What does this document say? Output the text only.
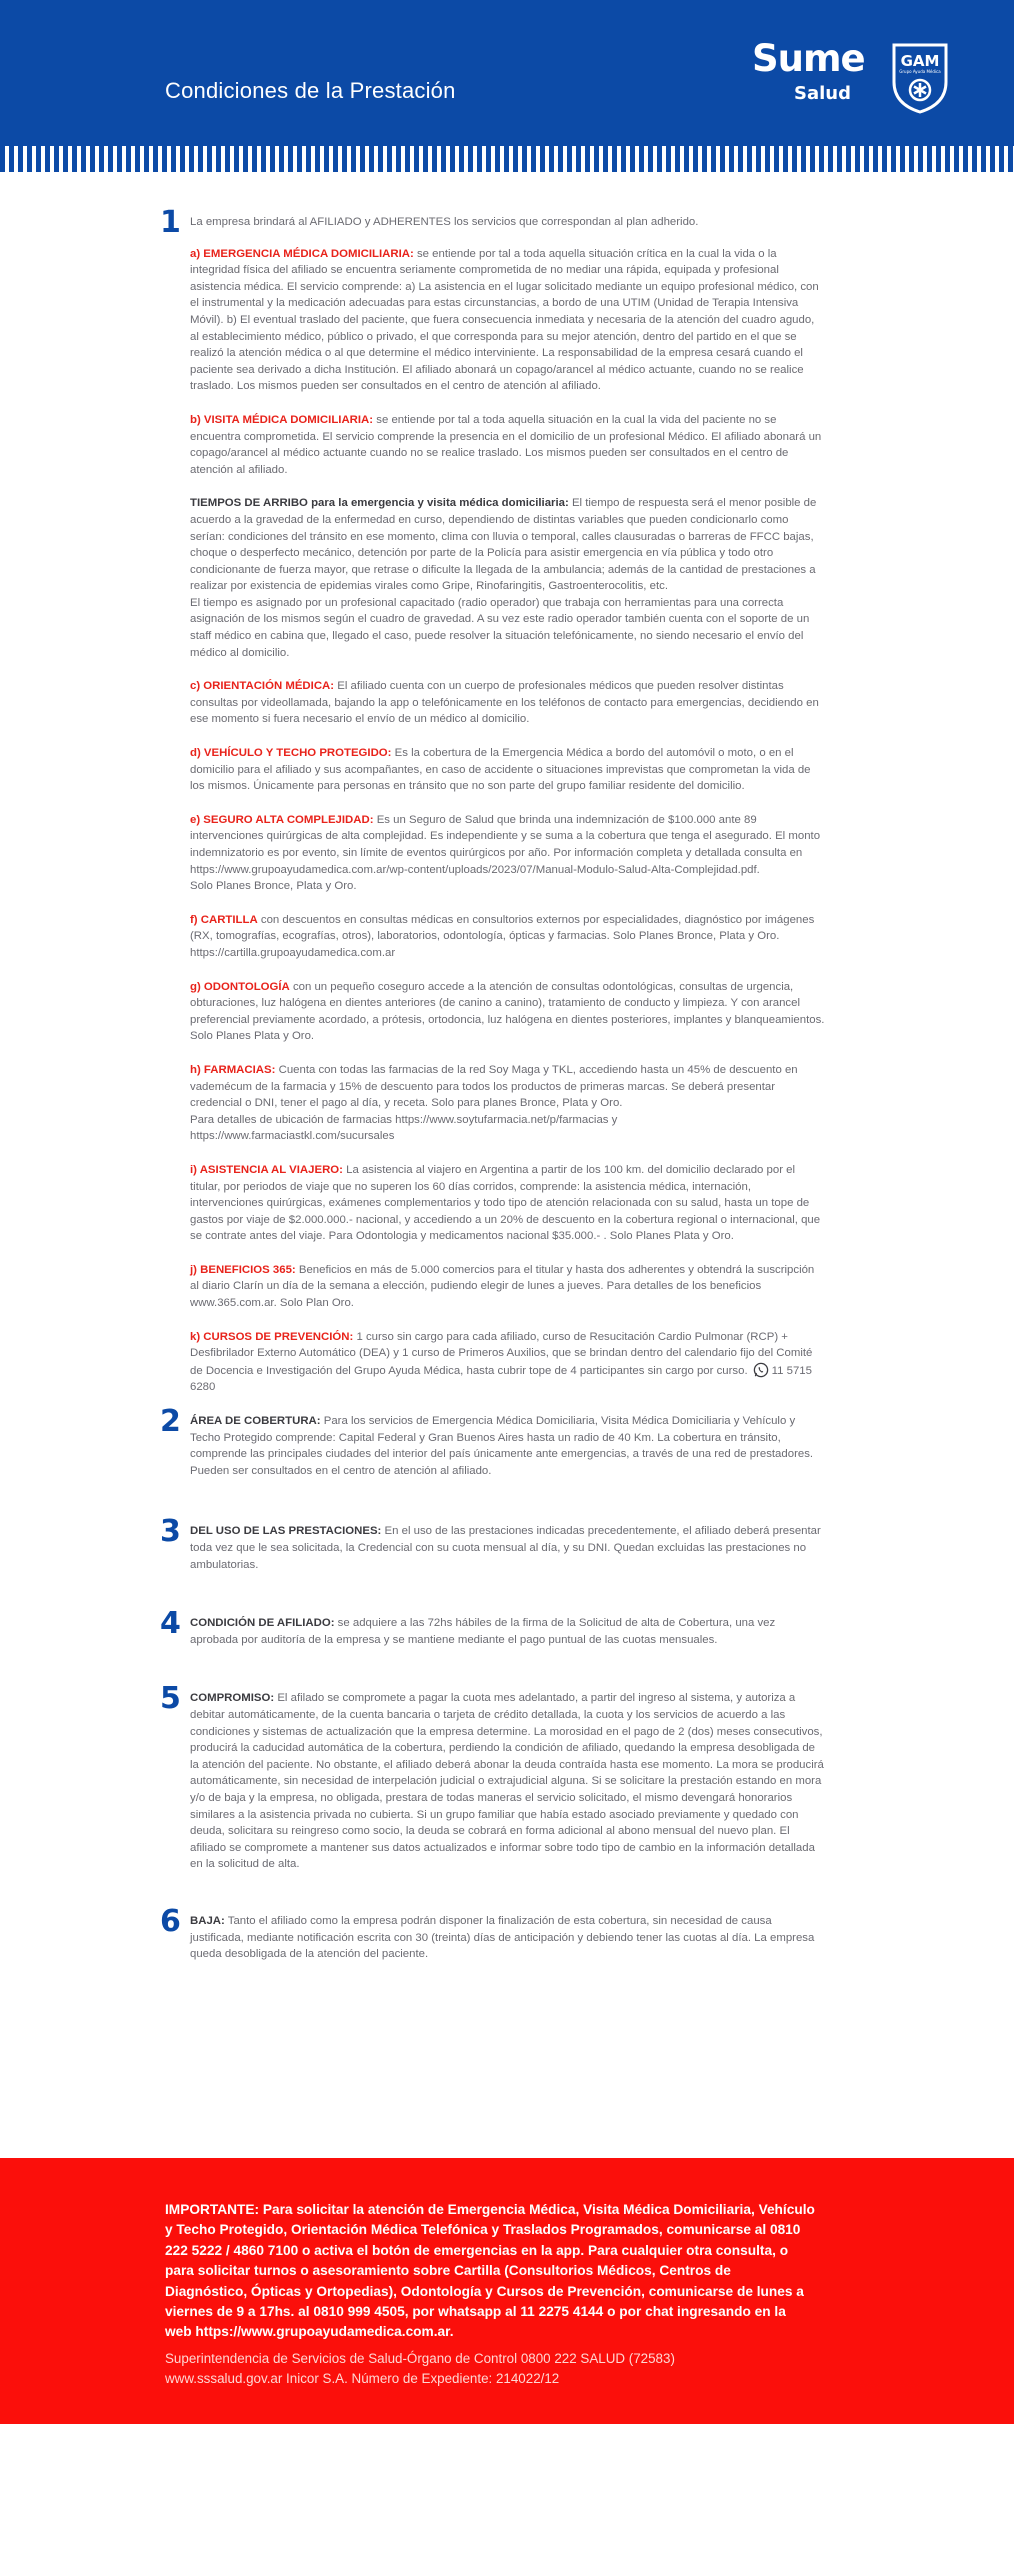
Condiciones de la Prestación
Sume
Salud
GAM
Grupo Ayuda Médica
1 La empresa brindará al AFILIADO y ADHERENTES los servicios que correspondan al plan adherido.

a) EMERGENCIA MÉDICA DOMICILIARIA: se entiende por tal a toda aquella situación crítica en la cual la vida o la integridad física del afiliado se encuentra seriamente comprometida de no mediar una rápida, equipada y profesional asistencia médica. El servicio comprende: a) La asistencia en el lugar solicitado mediante un equipo profesional médico, con el instrumental y la medicación adecuadas para estas circunstancias, a bordo de una UTIM (Unidad de Terapia Intensiva Móvil). b) El eventual traslado del paciente, que fuera consecuencia inmediata y necesaria de la atención del cuadro agudo, al establecimiento médico, público o privado, el que corresponda para su mejor atención, dentro del partido en el que se realizó la atención médica o al que determine el médico interviniente. La responsabilidad de la empresa cesará cuando el paciente sea derivado a dicha Institución. El afiliado abonará un copago/arancel al médico actuante, cuando no se realice traslado. Los mismos pueden ser consultados en el centro de atención al afiliado.

b) VISITA MÉDICA DOMICILIARIA: se entiende por tal a toda aquella situación en la cual la vida del paciente no se encuentra comprometida. El servicio comprende la presencia en el domicilio de un profesional Médico. El afiliado abonará un copago/arancel al médico actuante cuando no se realice traslado. Los mismos pueden ser consultados en el centro de atención al afiliado.

TIEMPOS DE ARRIBO para la emergencia y visita médica domiciliaria: El tiempo de respuesta será el menor posible de acuerdo a la gravedad de la enfermedad en curso, dependiendo de distintas variables que pueden condicionarlo como serían: condiciones del tránsito en ese momento, clima con lluvia o temporal, calles clausuradas o barreras de FFCC bajas, choque o desperfecto mecánico, detención por parte de la Policía para asistir emergencia en vía pública y todo otro condicionante de fuerza mayor, que retrase o dificulte la llegada de la ambulancia; además de la cantidad de prestaciones a realizar por existencia de epidemias virales como Gripe, Rinofaringitis, Gastroenterocolitis, etc.
El tiempo es asignado por un profesional capacitado (radio operador) que trabaja con herramientas para una correcta asignación de los mismos según el cuadro de gravedad. A su vez este radio operador también cuenta con el soporte de un staff médico en cabina que, llegado el caso, puede resolver la situación telefónicamente, no siendo necesario el envío del médico al domicilio.

c) ORIENTACIÓN MÉDICA: El afiliado cuenta con un cuerpo de profesionales médicos que pueden resolver distintas consultas por videollamada, bajando la app o telefónicamente en los teléfonos de contacto para emergencias, decidiendo en ese momento si fuera necesario el envío de un médico al domicilio.

d) VEHÍCULO Y TECHO PROTEGIDO: Es la cobertura de la Emergencia Médica a bordo del automóvil o moto, o en el domicilio para el afiliado y sus acompañantes, en caso de accidente o situaciones imprevistas que comprometan la vida de los mismos. Únicamente para personas en tránsito que no son parte del grupo familiar residente del domicilio.

e) SEGURO ALTA COMPLEJIDAD: Es un Seguro de Salud que brinda una indemnización de $100.000 ante 89 intervenciones quirúrgicas de alta complejidad. Es independiente y se suma a la cobertura que tenga el asegurado. El monto indemnizatorio es por evento, sin límite de eventos quirúrgicos por año. Por información completa y detallada consulta en
https://www.grupoayudamedica.com.ar/wp-content/uploads/2023/07/Manual-Modulo-Salud-Alta-Complejidad.pdf.
Solo Planes Bronce, Plata y Oro.

f) CARTILLA con descuentos en consultas médicas en consultorios externos por especialidades, diagnóstico por imágenes (RX, tomografías, ecografías, otros), laboratorios, odontología, ópticas y farmacias. Solo Planes Bronce, Plata y Oro. https://cartilla.grupoayudamedica.com.ar

g) ODONTOLOGÍA con un pequeño coseguro accede a la atención de consultas odontológicas, consultas de urgencia, obturaciones, luz halógena en dientes anteriores (de canino a canino), tratamiento de conducto y limpieza. Y con arancel preferencial previamente acordado, a prótesis, ortodoncia, luz halógena en dientes posteriores, implantes y blanqueamientos. Solo Planes Plata y Oro.

h) FARMACIAS: Cuenta con todas las farmacias de la red Soy Maga y TKL, accediendo hasta un 45% de descuento en vademécum de la farmacia y 15% de descuento para todos los productos de primeras marcas. Se deberá presentar credencial o DNI, tener el pago al día, y receta. Solo para planes Bronce, Plata y Oro.
Para detalles de ubicación de farmacias https://www.soytufarmacia.net/p/farmacias y
https://www.farmaciastkl.com/sucursales

i) ASISTENCIA AL VIAJERO: La asistencia al viajero en Argentina a partir de los 100 km. del domicilio declarado por el titular, por periodos de viaje que no superen los 60 días corridos, comprende: la asistencia médica, internación, intervenciones quirúrgicas, exámenes complementarios y todo tipo de atención relacionada con su salud, hasta un tope de gastos por viaje de $2.000.000.- nacional, y accediendo a un 20% de descuento en la cobertura regional o internacional, que se contrate antes del viaje. Para Odontologia y medicamentos nacional $35.000.- . Solo Planes Plata y Oro.

j) BENEFICIOS 365: Beneficios en más de 5.000 comercios para el titular y hasta dos adherentes y obtendrá la suscripción al diario Clarín un día de la semana a elección, pudiendo elegir de lunes a jueves. Para detalles de los beneficios www.365.com.ar. Solo Plan Oro.

k) CURSOS DE PREVENCIÓN: 1 curso sin cargo para cada afiliado, curso de Resucitación Cardio Pulmonar (RCP) + Desfibrilador Externo Automático (DEA) y 1 curso de Primeros Auxilios, que se brindan dentro del calendario fijo del Comité de Docencia e Investigación del Grupo Ayuda Médica, hasta cubrir tope de 4 participantes sin cargo por curso. 11 5715 6280

2 ÁREA DE COBERTURA: Para los servicios de Emergencia Médica Domiciliaria, Visita Médica Domiciliaria y Vehículo y Techo Protegido comprende: Capital Federal y Gran Buenos Aires hasta un radio de 40 Km. La cobertura en tránsito, comprende las principales ciudades del interior del país únicamente ante emergencias, a través de una red de prestadores. Pueden ser consultados en el centro de atención al afiliado.

3 DEL USO DE LAS PRESTACIONES: En el uso de las prestaciones indicadas precedentemente, el afiliado deberá presentar toda vez que le sea solicitada, la Credencial con su cuota mensual al día, y su DNI. Quedan excluidas las prestaciones no ambulatorias.

4 CONDICIÓN DE AFILIADO: se adquiere a las 72hs hábiles de la firma de la Solicitud de alta de Cobertura, una vez aprobada por auditoría de la empresa y se mantiene mediante el pago puntual de las cuotas mensuales.

5 COMPROMISO: El afilado se compromete a pagar la cuota mes adelantado, a partir del ingreso al sistema, y autoriza a debitar automáticamente, de la cuenta bancaria o tarjeta de crédito detallada, la cuota y los servicios de acuerdo a las condiciones y sistemas de actualización que la empresa determine. La morosidad en el pago de 2 (dos) meses consecutivos, producirá la caducidad automática de la cobertura, perdiendo la condición de afiliado, quedando la empresa desobligada de la atención del paciente. No obstante, el afiliado deberá abonar la deuda contraída hasta ese momento. La mora se producirá automáticamente, sin necesidad de interpelación judicial o extrajudicial alguna. Si se solicitare la prestación estando en mora y/o de baja y la empresa, no obligada, prestara de todas maneras el servicio solicitado, el mismo devengará honorarios similares a la asistencia privada no cubierta. Si un grupo familiar que había estado asociado previamente y quedado con deuda, solicitara su reingreso como socio, la deuda se cobrará en forma adicional al abono mensual del nuevo plan. El afiliado se compromete a mantener sus datos actualizados e informar sobre todo tipo de cambio en la información detallada en la solicitud de alta.

6 BAJA: Tanto el afiliado como la empresa podrán disponer la finalización de esta cobertura, sin necesidad de causa justificada, mediante notificación escrita con 30 (treinta) días de anticipación y debiendo tener las cuotas al día. La empresa queda desobligada de la atención del paciente.

IMPORTANTE: Para solicitar la atención de Emergencia Médica, Visita Médica Domiciliaria, Vehículo y Techo Protegido, Orientación Médica Telefónica y Traslados Programados, comunicarse al 0810 222 5222 / 4860 7100 o activa el botón de emergencias en la app. Para cualquier otra consulta, o para solicitar turnos o asesoramiento sobre Cartilla (Consultorios Médicos, Centros de Diagnóstico, Ópticas y Ortopedias), Odontología y Cursos de Prevención, comunicarse de lunes a viernes de 9 a 17hs. al 0810 999 4505, por whatsapp al 11 2275 4144 o por chat ingresando en la web https://www.grupoayudamedica.com.ar.
Superintendencia de Servicios de Salud-Órgano de Control 0800 222 SALUD (72583)
www.sssalud.gov.ar Inicor S.A. Número de Expediente: 214022/12
